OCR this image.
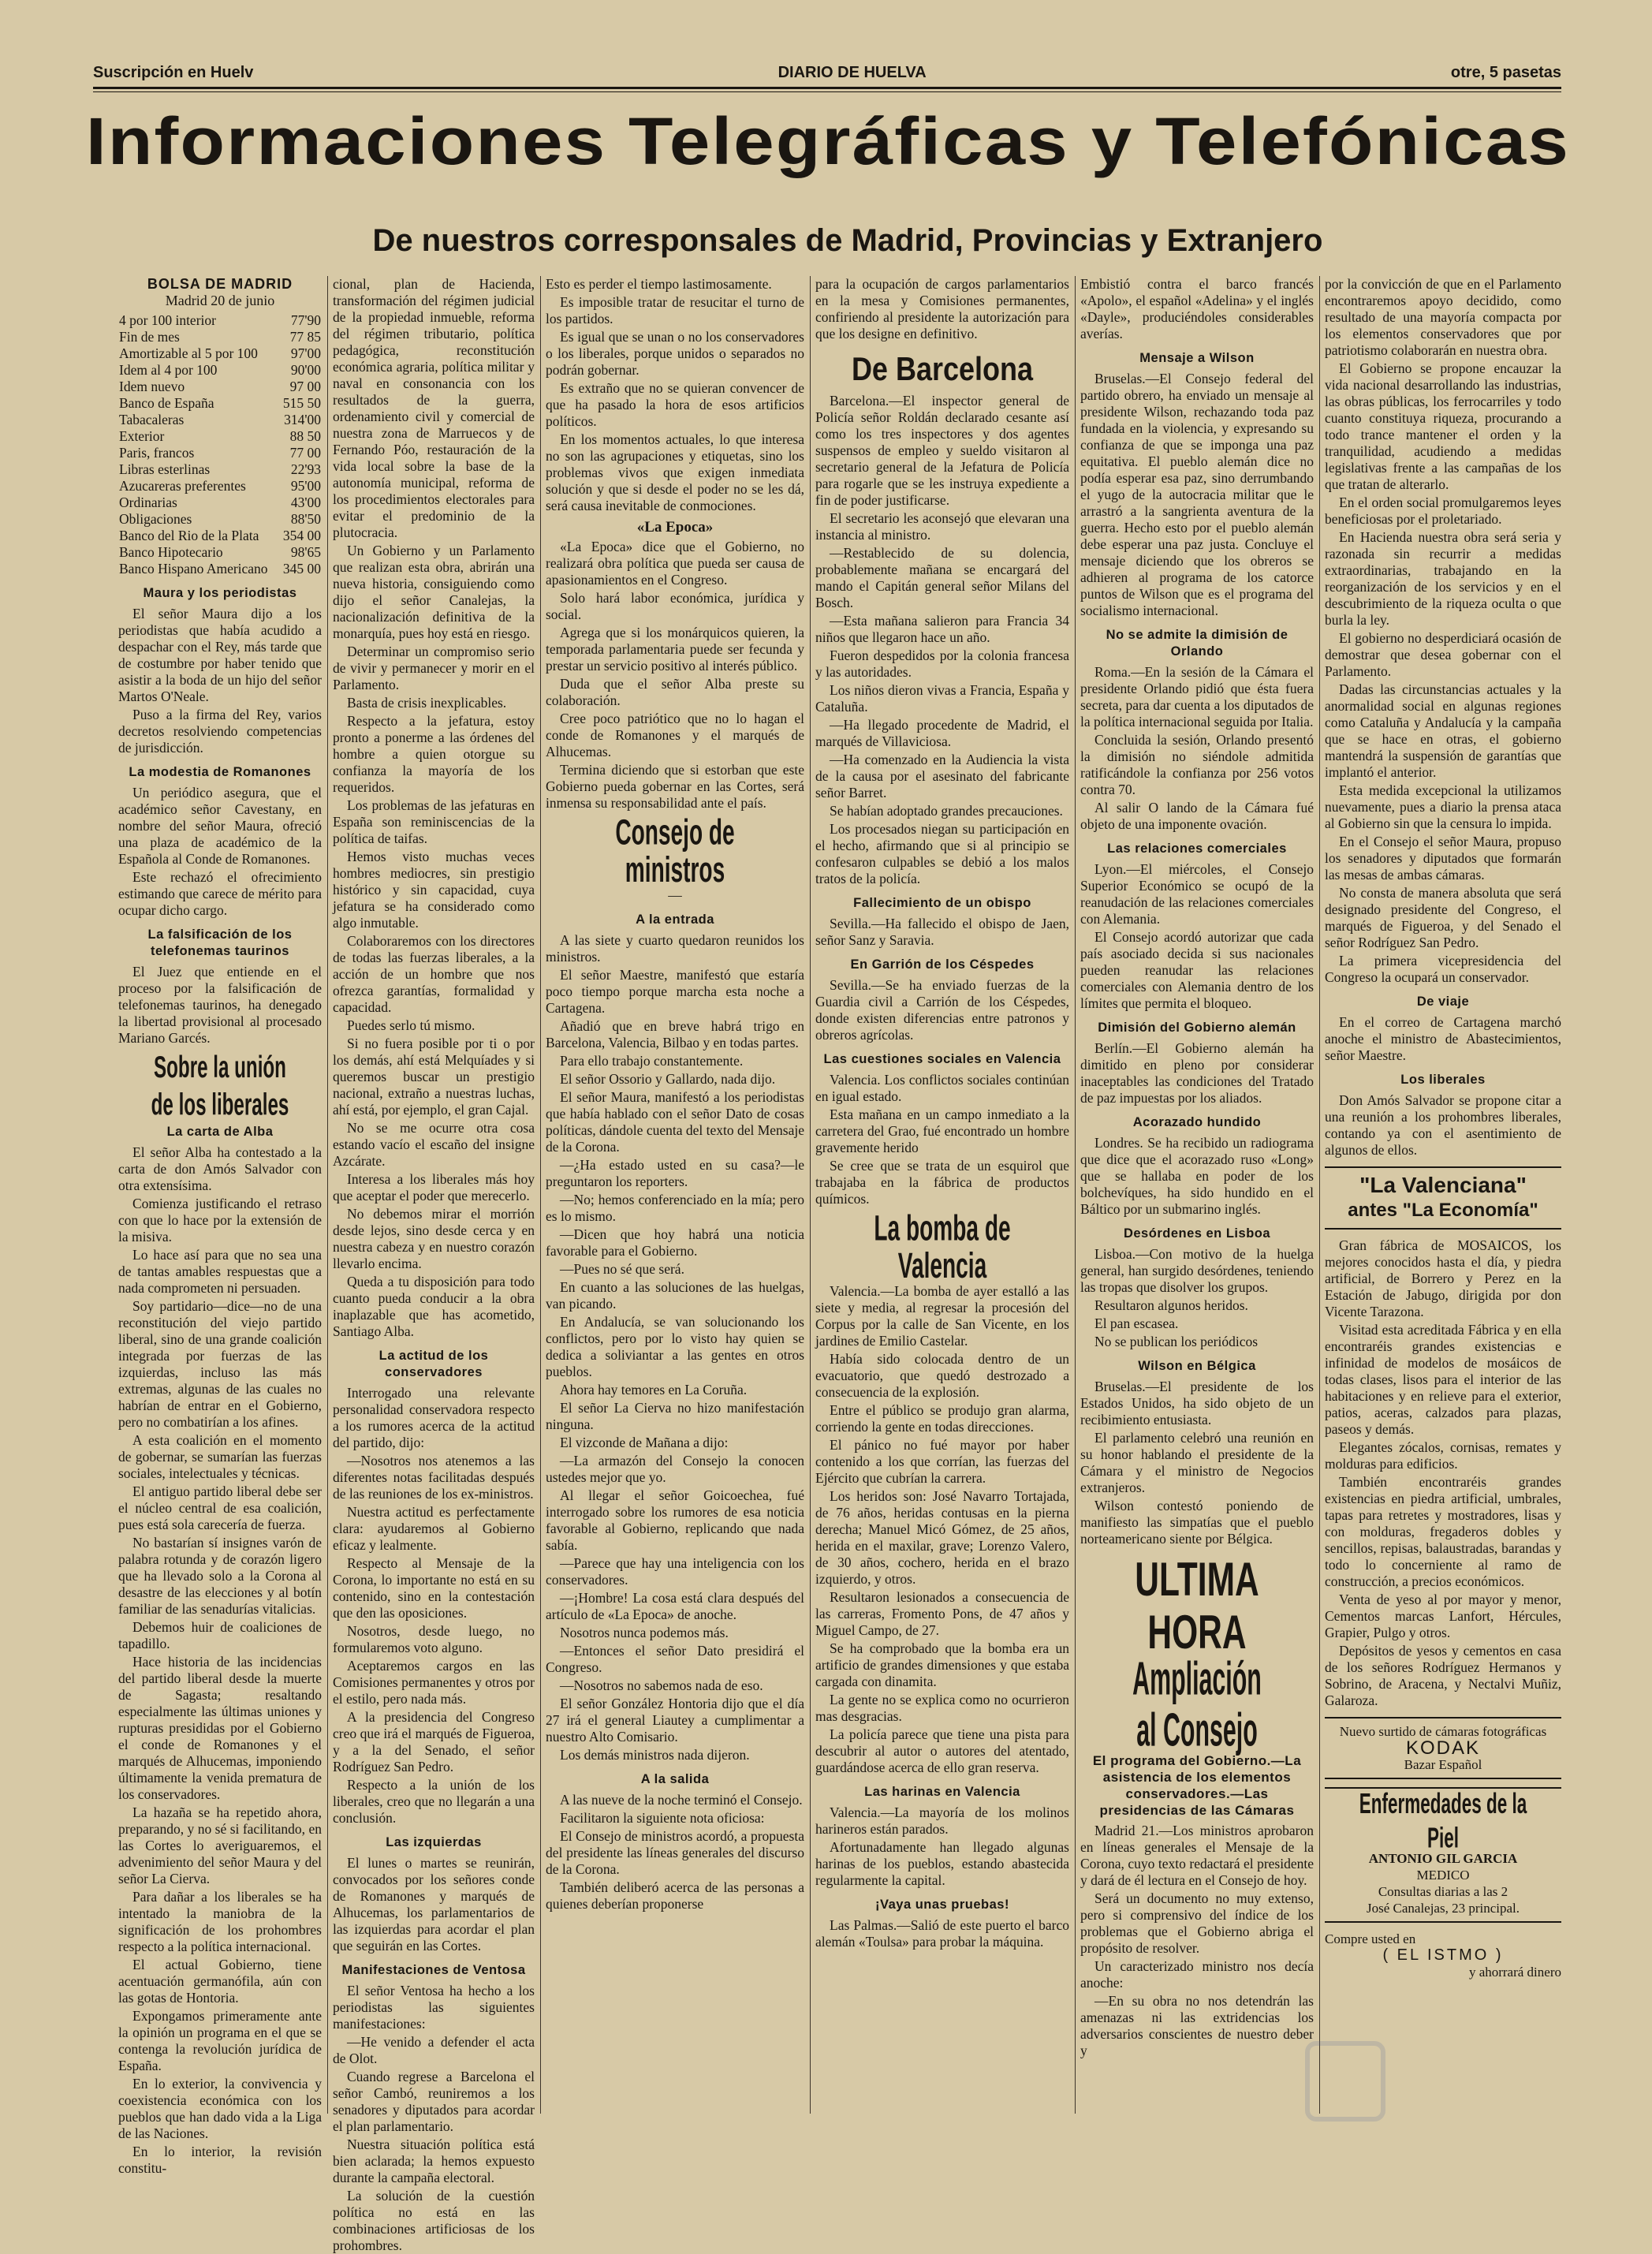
Suscripción en Huelv	DIARIO DE HUELVA	otre, 5 pasetas
Informaciones Telegráficas y Telefónicas
De nuestros corresponsales de Madrid, Provincias y Extranjero
BOLSA DE MADRID
Madrid 20 de junio
4 por 100 interior	77'90
Fin de mes	77 85
Amortizable al 5 por 100	97'00
Idem al 4 por 100	90'00
Idem nuevo	97 00
Banco de España	515 50
Tabacaleras	314'00
Exterior	88 50
Paris, francos	77 00
Libras esterlinas	22'93
Azucareras preferentes	95'00
Ordinarias	43'00
Obligaciones	88'50
Banco del Rio de la Plata	354 00
Banco Hipotecario	98'65
Banco Hispano Americano	345 00
Maura y los periodistas

El señor Maura dijo a los periodistas que había acudido a despachar con el Rey, más tarde que de costumbre por haber tenido que asistir a la boda de un hijo del señor Martos O'Neale.

Puso a la firma del Rey, varios decretos resolviendo competencias de jurisdicción.

La modestia de Romanones

Un periódico asegura, que el académico señor Cavestany, en nombre del señor Maura, ofreció una plaza de académico de la Española al Conde de Romanones.

Este rechazó el ofrecimiento estimando que carece de mérito para ocupar dicho cargo.

La falsificación de los telefonemas taurinos

El Juez que entiende en el proceso por la falsificación de telefonemas taurinos, ha denegado la libertad provisional al procesado Mariano Garcés.

Sobre la unión de los liberales
La carta de Alba

El señor Alba ha contestado a la carta de don Amós Salvador con otra extensísima.

Comienza justificando el retraso con que lo hace por la extensión de la misiva.

Lo hace así para que no sea una de tantas amables respuestas que a nada comprometen ni persuaden.

Soy partidario—dice—no de una reconstitución del viejo partido liberal, sino de una grande coalición integrada por fuerzas de las izquierdas, incluso las más extremas, algunas de las cuales no habrían de entrar en el Gobierno, pero no combatirían a los afines.

A esta coalición en el momento de gobernar, se sumarían las fuerzas sociales, intelectuales y técnicas.

El antiguo partido liberal debe ser el núcleo central de esa coalición, pues está sola carecería de fuerza.

No bastarían sí insignes varón de palabra rotunda y de corazón ligero que ha llevado solo a la Corona al desastre de las elecciones y al botín familiar de las senadurías vitalicias.

Debemos huir de coaliciones de tapadillo.

Hace historia de las incidencias del partido liberal desde la muerte de Sagasta; resaltando especialmente las últimas uniones y rupturas presididas por el Gobierno el conde de Romanones y el marqués de Alhucemas, imponiendo últimamente la venida prematura de los conservadores.

La hazaña se ha repetido ahora, preparando, y no sé si facilitando, en las Cortes lo averiguaremos, el advenimiento del señor Maura y del señor La Cierva.

Para dañar a los liberales se ha intentado la maniobra de la significación de los prohombres respecto a la política internacional.

El actual Gobierno, tiene acentuación germanófila, aún con las gotas de Hontoria.

Expongamos primeramente ante la opinión un programa en el que se contenga la revolución jurídica de España.

En lo exterior, la convivencia y coexistencia económica con los pueblos que han dado vida a la Liga de las Naciones.

En lo interior, la revisión constitu-

cional, plan de Hacienda, transformación del régimen judicial de la propiedad inmueble, reforma del régimen tributario, política pedagógica, reconstitución económica agraria, política militar y naval en consonancia con los resultados de la guerra, ordenamiento civil y comercial de nuestra zona de Marruecos y de Fernando Póo, restauración de la vida local sobre la base de la autonomía municipal, reforma de los procedimientos electorales para evitar el predominio de la plutocracia.

Un Gobierno y un Parlamento que realizan esta obra, abrirán una nueva historia, consiguiendo como dijo el señor Canalejas, la nacionalización definitiva de la monarquía, pues hoy está en riesgo.

Determinar un compromiso serio de vivir y permanecer y morir en el Parlamento.

Basta de crisis inexplicables.

Respecto a la jefatura, estoy pronto a ponerme a las órdenes del hombre a quien otorgue su confianza la mayoría de los requeridos.

Los problemas de las jefaturas en España son reminiscencias de la política de taifas.

Hemos visto muchas veces hombres mediocres, sin prestigio histórico y sin capacidad, cuya jefatura se ha considerado como algo inmutable.

Colaboraremos con los directores de todas las fuerzas liberales, a la acción de un hombre que nos ofrezca garantías, formalidad y capacidad.

Puedes serlo tú mismo.

Si no fuera posible por ti o por los demás, ahí está Melquíades y si queremos buscar un prestigio nacional, extraño a nuestras luchas, ahí está, por ejemplo, el gran Cajal.

No se me ocurre otra cosa estando vacío el escaño del insigne Azcárate.

Interesa a los liberales más hoy que aceptar el poder que merecerlo.

No debemos mirar el morrión desde lejos, sino desde cerca y en nuestra cabeza y en nuestro corazón llevarlo encima.

Queda a tu disposición para todo cuanto pueda conducir a la obra inaplazable que has acometido, Santiago Alba.

La actitud de los conservadores

Interrogado una relevante personalidad conservadora respecto a los rumores acerca de la actitud del partido, dijo:

—Nosotros nos atenemos a las diferentes notas facilitadas después de las reuniones de los ex-ministros.

Nuestra actitud es perfectamente clara: ayudaremos al Gobierno eficaz y lealmente.

Respecto al Mensaje de la Corona, lo importante no está en su contenido, sino en la contestación que den las oposiciones.

Nosotros, desde luego, no formularemos voto alguno.

Aceptaremos cargos en las Comisiones permanentes y otros por el estilo, pero nada más.

A la presidencia del Congreso creo que irá el marqués de Figueroa, y a la del Senado, el señor Rodríguez San Pedro.

Respecto a la unión de los liberales, creo que no llegarán a una conclusión.

Las izquierdas

El lunes o martes se reunirán, convocados por los señores conde de Romanones y marqués de Alhucemas, los parlamentarios de las izquierdas para acordar el plan que seguirán en las Cortes.

Manifestaciones de Ventosa

El señor Ventosa ha hecho a los periodistas las siguientes manifestaciones:

—He venido a defender el acta de Olot.

Cuando regrese a Barcelona el señor Cambó, reuniremos a los senadores y diputados para acordar el plan parlamentario.

Nuestra situación política está bien aclarada; la hemos expuesto durante la campaña electoral.

La solución de la cuestión política no está en las combinaciones artificiosas de los prohombres.

Esto es perder el tiempo lastimosamente.

Es imposible tratar de resucitar el turno de los partidos.

Es igual que se unan o no los conservadores o los liberales, porque unidos o separados no podrán gobernar.

Es extraño que no se quieran convencer de que ha pasado la hora de esos artificios políticos.

En los momentos actuales, lo que interesa no son las agrupaciones y etiquetas, sino los problemas vivos que exigen inmediata solución y que si desde el poder no se les dá, será causa inevitable de conmociones.

«La Epoca»

«La Epoca» dice que el Gobierno, no realizará obra política que pueda ser causa de apasionamientos en el Congreso.

Solo hará labor económica, jurídica y social.

Agrega que si los monárquicos quieren, la temporada parlamentaria puede ser fecunda y prestar un servicio positivo al interés público.

Duda que el señor Alba preste su colaboración.

Cree poco patriótico que no lo hagan el conde de Romanones y el marqués de Alhucemas.

Termina diciendo que si estorban que este Gobierno pueda gobernar en las Cortes, será inmensa su responsabilidad ante el país.

Consejo de ministros
—
A la entrada

A las siete y cuarto quedaron reunidos los ministros.

El señor Maestre, manifestó que estaría poco tiempo porque marcha esta noche a Cartagena.

Añadió que en breve habrá trigo en Barcelona, Valencia, Bilbao y en todas partes.

Para ello trabajo constantemente.

El señor Ossorio y Gallardo, nada dijo.

El señor Maura, manifestó a los periodistas que había hablado con el señor Dato de cosas políticas, dándole cuenta del texto del Mensaje de la Corona.

—¿Ha estado usted en su casa?—le preguntaron los reporters.

—No; hemos conferenciado en la mía; pero es lo mismo.

—Dicen que hoy habrá una noticia favorable para el Gobierno.

—Pues no sé que será.

En cuanto a las soluciones de las huelgas, van picando.

En Andalucía, se van solucionando los conflictos, pero por lo visto hay quien se dedica a soliviantar a las gentes en otros pueblos.

Ahora hay temores en La Coruña.

El señor La Cierva no hizo manifestación ninguna.

El vizconde de Mañana a dijo:

—La armazón del Consejo la conocen ustedes mejor que yo.

Al llegar el señor Goicoechea, fué interrogado sobre los rumores de esa noticia favorable al Gobierno, replicando que nada sabía.

—Parece que hay una inteligencia con los conservadores.

—¡Hombre! La cosa está clara después del artículo de «La Epoca» de anoche.

Nosotros nunca podemos más.

—Entonces el señor Dato presidirá el Congreso.

—Nosotros no sabemos nada de eso.

El señor González Hontoria dijo que el día 27 irá el general Liautey a cumplimentar a nuestro Alto Comisario.

Los demás ministros nada dijeron.

A la salida

A las nueve de la noche terminó el Consejo.

Facilitaron la siguiente nota oficiosa:

El Consejo de ministros acordó, a propuesta del presidente las líneas generales del discurso de la Corona.

También deliberó acerca de las personas a quienes deberían proponerse

para la ocupación de cargos parlamentarios en la mesa y Comisiones permanentes, confiriendo al presidente la autorización para que los designe en definitivo.

De Barcelona

Barcelona.—El inspector general de Policía señor Roldán declarado cesante así como los tres inspectores y dos agentes suspensos de empleo y sueldo visitaron al secretario general de la Jefatura de Policía para rogarle que se les instruya expediente a fin de poder justificarse.

El secretario les aconsejó que elevaran una instancia al ministro.

—Restablecido de su dolencia, probablemente mañana se encargará del mando el Capitán general señor Milans del Bosch.

—Esta mañana salieron para Francia 34 niños que llegaron hace un año.

Fueron despedidos por la colonia francesa y las autoridades.

Los niños dieron vivas a Francia, España y Cataluña.

—Ha llegado procedente de Madrid, el marqués de Villaviciosa.

—Ha comenzado en la Audiencia la vista de la causa por el asesinato del fabricante señor Barret.

Se habían adoptado grandes precauciones.

Los procesados niegan su participación en el hecho, afirmando que si al principio se confesaron culpables se debió a los malos tratos de la policía.

Fallecimiento de un obispo

Sevilla.—Ha fallecido el obispo de Jaen, señor Sanz y Saravia.

En Garrión de los Céspedes

Sevilla.—Se ha enviado fuerzas de la Guardia civil a Carrión de los Céspedes, donde existen diferencias entre patronos y obreros agrícolas.

Las cuestiones sociales en Valencia

Valencia. Los conflictos sociales continúan en igual estado.

Esta mañana en un campo inmediato a la carretera del Grao, fué encontrado un hombre gravemente herido

Se cree que se trata de un esquirol que trabajaba en la fábrica de productos químicos.

La bomba de Valencia

Valencia.—La bomba de ayer estalló a las siete y media, al regresar la procesión del Corpus por la calle de San Vicente, en los jardines de Emilio Castelar.

Había sido colocada dentro de un evacuatorio, que quedó destrozado a consecuencia de la explosión.

Entre el público se produjo gran alarma, corriendo la gente en todas direcciones.

El pánico no fué mayor por haber contenido a los que corrían, las fuerzas del Ejército que cubrían la carrera.

Los heridos son: José Navarro Tortajada, de 76 años, heridas contusas en la pierna derecha; Manuel Micó Gómez, de 25 años, herida en el maxilar, grave; Lorenzo Valero, de 30 años, cochero, herida en el brazo izquierdo, y otros.

Resultaron lesionados a consecuencia de las carreras, Fromento Pons, de 47 años y Miguel Campo, de 27.

Se ha comprobado que la bomba era un artificio de grandes dimensiones y que estaba cargada con dinamita.

La gente no se explica como no ocurrieron mas desgracias.

La policía parece que tiene una pista para descubrir al autor o autores del atentado, guardándose acerca de ello gran reserva.

Las harinas en Valencia

Valencia.—La mayoría de los molinos harineros están parados.

Afortunadamente han llegado algunas harinas de los pueblos, estando abastecida regularmente la capital.

¡Vaya unas pruebas!

Las Palmas.—Salió de este puerto el barco alemán «Toulsa» para probar la máquina.

Embistió contra el barco francés «Apolo», el español «Adelina» y el inglés «Dayle», produciéndoles considerables averías.

Mensaje a Wilson

Bruselas.—El Consejo federal del partido obrero, ha enviado un mensaje al presidente Wilson, rechazando toda paz fundada en la violencia, y expresando su confianza de que se imponga una paz equitativa. El pueblo alemán dice no podía esperar esa paz, sino derrumbando el yugo de la autocracia militar que le arrastró a la sangrienta aventura de la guerra. Hecho esto por el pueblo alemán debe esperar una paz justa. Concluye el mensaje diciendo que los obreros se adhieren al programa de los catorce puntos de Wilson que es el programa del socialismo internacional.

No se admite la dimisión de Orlando

Roma.—En la sesión de la Cámara el presidente Orlando pidió que ésta fuera secreta, para dar cuenta a los diputados de la política internacional seguida por Italia.

Concluida la sesión, Orlando presentó la dimisión no siéndole admitida ratificándole la confianza por 256 votos contra 70.

Al salir O lando de la Cámara fué objeto de una imponente ovación.

Las relaciones comerciales

Lyon.—El miércoles, el Consejo Superior Económico se ocupó de la reanudación de las relaciones comerciales con Alemania.

El Consejo acordó autorizar que cada país asociado decida si sus nacionales pueden reanudar las relaciones comerciales con Alemania dentro de los límites que permita el bloqueo.

Dimisión del Gobierno alemán

Berlín.—El Gobierno alemán ha dimitido en pleno por considerar inaceptables las condiciones del Tratado de paz impuestas por los aliados.

Acorazado hundido

Londres. Se ha recibido un radiograma que dice que el acorazado ruso «Long» que se hallaba en poder de los bolchevíques, ha sido hundido en el Báltico por un submarino inglés.

Desórdenes en Lisboa

Lisboa.—Con motivo de la huelga general, han surgido desórdenes, teniendo las tropas que disolver los grupos.

Resultaron algunos heridos.

El pan escasea.

No se publican los periódicos

Wilson en Bélgica

Bruselas.—El presidente de los Estados Unidos, ha sido objeto de un recibimiento entusiasta.

El parlamento celebró una reunión en su honor hablando el presidente de la Cámara y el ministro de Negocios extranjeros.

Wilson contestó poniendo de manifiesto las simpatías que el pueblo norteamericano siente por Bélgica.

ULTIMA HORA
Ampliación al Consejo
El programa del Gobierno.—La asistencia de los elementos conservadores.—Las presidencias de las Cámaras

Madrid 21.—Los ministros aprobaron en líneas generales el Mensaje de la Corona, cuyo texto redactará el presidente y dará de él lectura en el Consejo de hoy.

Será un documento no muy extenso, pero si comprensivo del índice de los problemas que el Gobierno abriga el propósito de resolver.

Un caracterizado ministro nos decía anoche:

—En su obra no nos detendrán las amenazas ni las extridencias los adversarios conscientes de nuestro deber y

por la convicción de que en el Parlamento encontraremos apoyo decidido, como resultado de una mayoría compacta por los elementos conservadores que por patriotismo colaborarán en nuestra obra.

El Gobierno se propone encauzar la vida nacional desarrollando las industrias, las obras públicas, los ferrocarriles y todo cuanto constituya riqueza, procurando a todo trance mantener el orden y la tranquilidad, acudiendo a medidas legislativas frente a las campañas de los que tratan de alterarlo.

En el orden social promulgaremos leyes beneficiosas por el proletariado.

En Hacienda nuestra obra será seria y razonada sin recurrir a medidas extraordinarias, trabajando en la reorganización de los servicios y en el descubrimiento de la riqueza oculta o que burla la ley.

El gobierno no desperdiciará ocasión de demostrar que desea gobernar con el Parlamento.

Dadas las circunstancias actuales y la anormalidad social en algunas regiones como Cataluña y Andalucía y la campaña que se hace en otras, el gobierno mantendrá la suspensión de garantías que implantó el anterior.

Esta medida excepcional la utilizamos nuevamente, pues a diario la prensa ataca al Gobierno sin que la censura lo impida.

En el Consejo el señor Maura, propuso los senadores y diputados que formarán las mesas de ambas cámaras.

No consta de manera absoluta que será designado presidente del Congreso, el marqués de Figueroa, y del Senado el señor Rodríguez San Pedro.

La primera vicepresidencia del Congreso la ocupará un conservador.

De viaje

En el correo de Cartagena marchó anoche el ministro de Abastecimientos, señor Maestre.

Los liberales

Don Amós Salvador se propone citar a una reunión a los prohombres liberales, contando ya con el asentimiento de algunos de ellos.

"La Valenciana"
antes "La Economía"

Gran fábrica de MOSAICOS, los mejores conocidos hasta el día, y piedra artificial, de Borrero y Perez en la Estación de Jabugo, dirigida por don Vicente Tarazona.

Visitad esta acreditada Fábrica y en ella encontraréis grandes existencias e infinidad de modelos de mosáicos de todas clases, lisos para el interior de las habitaciones y en relieve para el exterior, patios, aceras, calzados para plazas, paseos y demás.

Elegantes zócalos, cornisas, remates y molduras para edificios.

También encontraréis grandes existencias en piedra artificial, umbrales, tapas para retretes y mostradores, lisas y con molduras, fregaderos dobles y sencillos, repisas, balaustradas, barandas y todo lo concerniente al ramo de construcción, a precios económicos.

Venta de yeso al por mayor y menor, Cementos marcas Lanfort, Hércules, Grapier, Pulgo y otros.

Depósitos de yesos y cementos en casa de los señores Rodríguez Hermanos y Sobrino, de Aracena, y Nectalvi Muñiz, Galaroza.

Nuevo surtido de cámaras fotográficas
KODAK
Bazar Español
Enfermedades de la Piel
ANTONIO GIL GARCIA
MEDICO
Consultas diarias a las 2
José Canalejas, 23 principal.
Compre usted en
( EL ISTMO )
y ahorrará dinero
